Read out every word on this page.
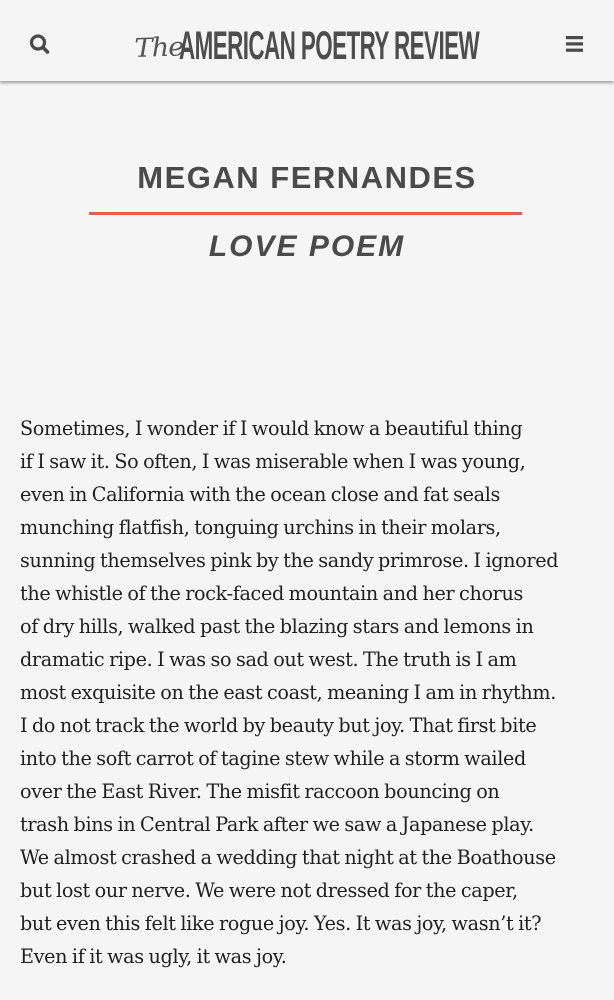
The
AMERICAN POETRY REVIEW
MEGAN FERNANDES
LOVE POEM
Sometimes, I wonder if I would know a beautiful thing
if I saw it. So often, I was miserable when I was young,
even in California with the ocean close and fat seals
munching flatfish, tonguing urchins in their molars,
sunning themselves pink by the sandy primrose. I ignored
the whistle of the rock-faced mountain and her chorus
of dry hills, walked past the blazing stars and lemons in
dramatic ripe. I was so sad out west. The truth is I am
most exquisite on the east coast, meaning I am in rhythm.
I do not track the world by beauty but joy. That first bite
into the soft carrot of tagine stew while a storm wailed
over the East River. The misfit raccoon bouncing on
trash bins in Central Park after we saw a Japanese play.
We almost crashed a wedding that night at the Boathouse
but lost our nerve. We were not dressed for the caper,
but even this felt like rogue joy. Yes. It was joy, wasn’t it?
Even if it was ugly, it was joy.
